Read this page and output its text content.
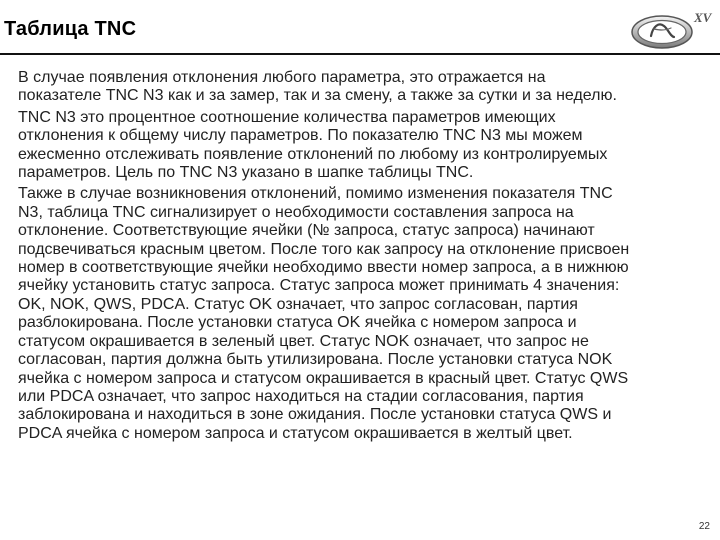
Таблица TNC
XV

В случае появления отклонения любого параметра, это отражается на
показателе TNC N3 как и за замер, так и за смену, а также за сутки и за неделю.

TNC N3 это процентное соотношение количества параметров имеющих
отклонения к общему числу параметров. По показателю TNC N3 мы можем
ежесменно отслеживать появление отклонений по любому из контролируемых
параметров. Цель по TNC N3 указано в шапке таблицы TNC.

Также в случае возникновения отклонений, помимо изменения показателя TNC
N3, таблица TNC сигнализирует о необходимости составления запроса на
отклонение. Соответствующие ячейки (№ запроса, статус запроса) начинают
подсвечиваться красным цветом. После того как запросу на отклонение присвоен
номер в соответствующие ячейки необходимо ввести номер запроса, а в нижнюю
ячейку установить статус запроса. Статус запроса может принимать 4 значения:
OK, NOK, QWS, PDCA. Статус OK означает, что запрос согласован, партия
разблокирована. После установки статуса OK ячейка с номером запроса и
статусом окрашивается в зеленый цвет. Статус NOK означает, что запрос не
согласован, партия должна быть утилизирована. После установки статуса NOK
ячейка с номером запроса и статусом окрашивается в красный цвет. Статус QWS
или PDCA означает, что запрос находиться на стадии согласования, партия
заблокирована и находиться в зоне ожидания. После установки статуса QWS и
PDCA ячейка с номером запроса и статусом окрашивается в желтый цвет.

22
